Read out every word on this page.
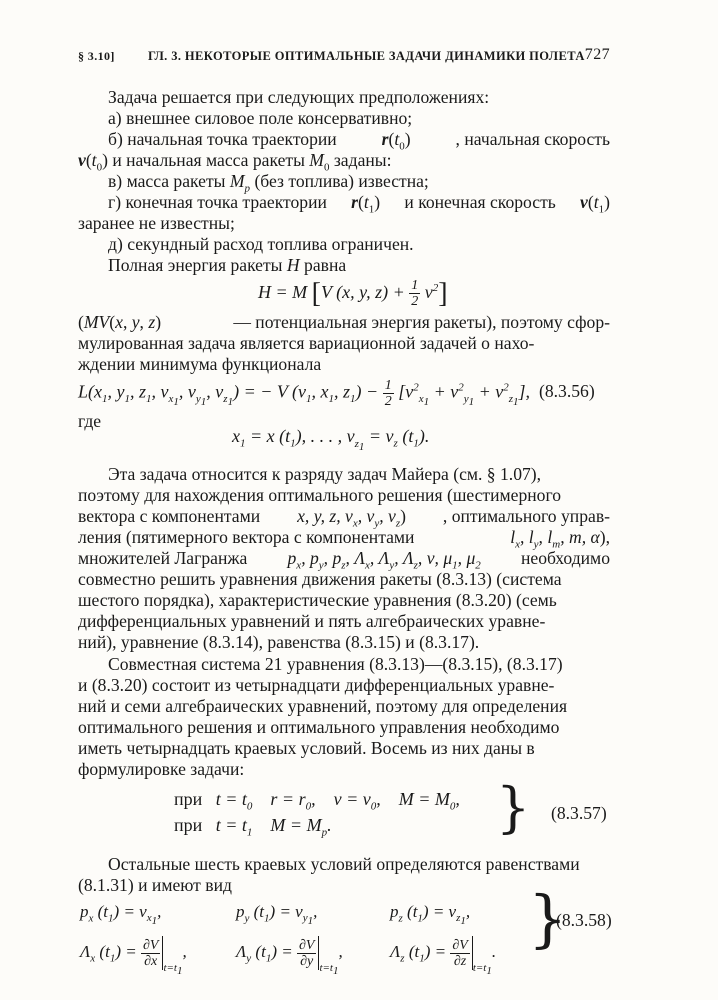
§ 3.10]	ГЛ. 3. НЕКОТОРЫЕ ОПТИМАЛЬНЫЕ ЗАДАЧИ ДИНАМИКИ ПОЛЕТА 727
Задача решается при следующих предположениях:
а) внешнее силовое поле консервативно;
б) начальная точка траектории	$r(t_0)$	, начальная скорость
$v(t_0)$ и начальная масса ракеты $M_0$ заданы:
в) масса ракеты $M_p$ (без топлива) известна;
г) конечная точка траектории $r(t_1)$ и конечная скорость $v(t_1)$
заранее не известны;
д) секундный расход топлива ограничен.
Полная энергия ракеты H равна
H = M [V (x, y, $z) + \frac{1}{2} v^2$]
(MV(x, y, z)	— потенциальная энергия ракеты), поэтому сфор-
мулированная задача является вариационной задачей о нахо-
ждении минимума функционала
$L(x_1$, $y_1$, $z_1$, $v_{x_1}$, $v_{y_1}$, $v_{z_1}$) = − V ($v_1$, $x_1$, $z_1) - \frac{1}{2} [v^2_{x_1} + v^2_{y_1} + v^2_{z_1}]$, (8.3.56)
где
$x_1 = x$ $(t_1)$, . . . , $v_{z_1} = v_z$ $(t_1)$.
Эта задача относится к разряду задач Майера (см. § 1.07),
поэтому для нахождения оптимального решения (шестимерного
вектора с компонентами x, y, z, $v_x$, $v_y$, $v_z$) , оптимального управ-
ления (пятимерного вектора с компонентами	$l_x$, $l_y$, $l_m$, m, α),
множителей Лагранжа $p_x$, $p_y$, $p_z$, $\Lambda_x$, $\Lambda_y$, $\Lambda_z$, ν, $\mu_1$, $\mu_2$ необходимо
совместно решить уравнения движения ракеты (8.3.13) (система
шестого порядка), характеристические уравнения (8.3.20) (семь
дифференциальных уравнений и пять алгебраических уравне-
ний), уравнение (8.3.14), равенства (8.3.15) и (8.3.17).
Совместная система 21 уравнения (8.3.13)—(8.3.15), (8.3.17)
и (8.3.20) состоит из четырнадцати дифференциальных уравне-
ний и семи алгебраических уравнений, поэтому для определения
оптимального решения и оптимального управления необходимо
иметь четырнадцать краевых условий. Восемь из них даны в
формулировке задачи:
при   $t = t_0$    $r = r_0$,    $v = v_0$,    $M = M_0$,
при   $t = t_1$    $M = M_p$.	} (8.3.57)
Остальные шесть краевых условий определяются равенствами
(8.1.31) и имеют вид
$p_x$ $(t_1) = v_{x_1}$,	$p_y$ $(t_1) = v_{y_1}$,	$p_z$ $(t_1) = v_{z_1}$,
$\Lambda_x$ $(t_1) = \frac{\partial V}{\partial x} _{t=t_1}$,	$\Lambda_y$ $(t_1) = \frac{\partial V}{\partial y} _{t=t_1}$,	$\Lambda_z$ $(t_1) = \frac{\partial V}{\partial z} _{t=t_1}$. }
(8.3.58)
